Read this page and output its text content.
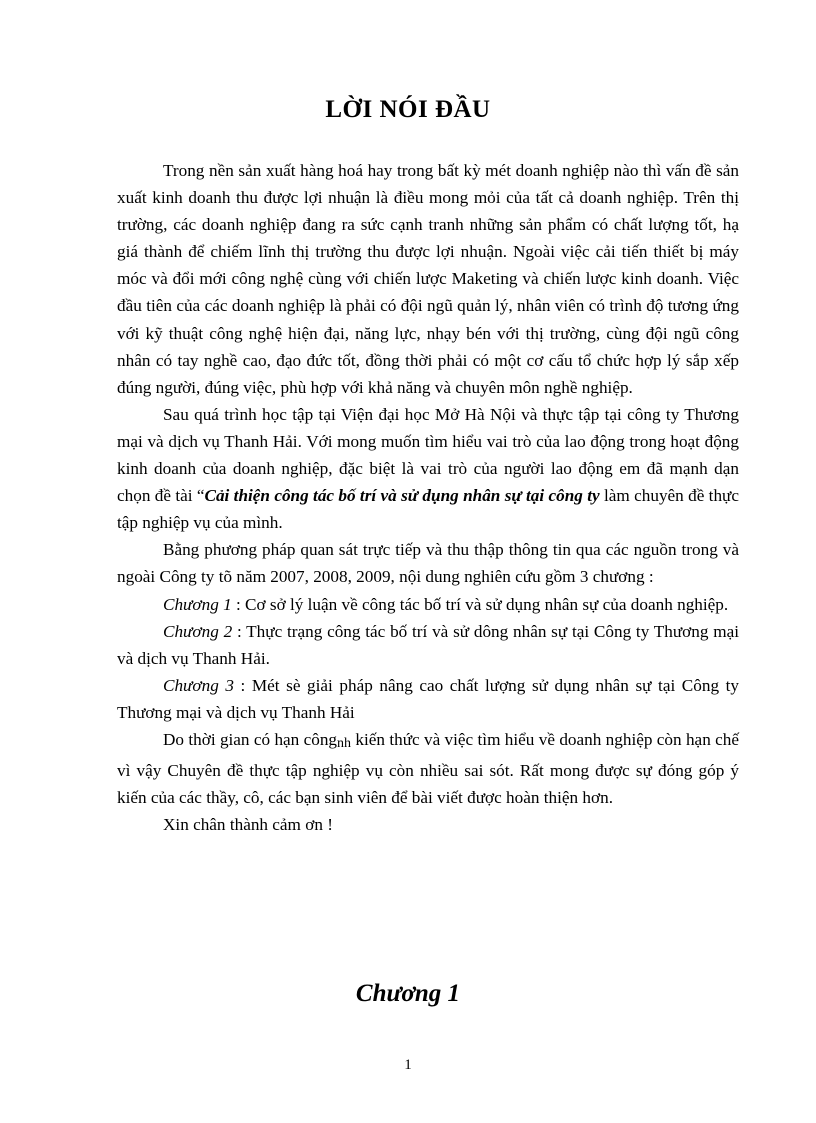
LỜI NÓI ĐẦU

Trong nền sản xuất hàng hoá hay trong bất kỳ mét doanh nghiệp nào thì vấn đề sản xuất kinh doanh thu được lợi nhuận là điều mong mỏi của tất cả doanh nghiệp. Trên thị trường, các doanh nghiệp đang ra sức cạnh tranh những sản phẩm có chất lượng tốt, hạ giá thành để chiếm lĩnh thị trường thu được lợi nhuận. Ngoài việc cải tiến thiết bị máy móc và đổi mới công nghệ cùng với chiến lược Maketing và chiến lược kinh doanh. Việc đầu tiên của các doanh nghiệp là phải có đội ngũ quản lý, nhân viên có trình độ tương ứng với kỹ thuật công nghệ hiện đại, năng lực, nhạy bén với thị trường, cùng đội ngũ công nhân có tay nghề cao, đạo đức tốt, đồng thời phải có một cơ cấu tổ chức hợp lý sắp xếp đúng người, đúng việc, phù hợp với khả năng và chuyên môn nghề nghiệp.

Sau quá trình học tập tại Viện đại học Mở Hà Nội và thực tập tại công ty Thương mại và dịch vụ Thanh Hải. Với mong muốn tìm hiểu vai trò của lao động trong hoạt động kinh doanh của doanh nghiệp, đặc biệt là vai trò của người lao động em đã mạnh dạn chọn đề tài “Cải thiện công tác bố trí và sử dụng nhân sự tại công ty làm chuyên đề thực tập nghiệp vụ của mình.

Bằng phương pháp quan sát trực tiếp và thu thập thông tin qua các nguồn trong và ngoài Công ty tõ năm 2007, 2008, 2009, nội dung nghiên cứu gồm 3 chương :

Chương 1 : Cơ sở lý luận về công tác bố trí và sử dụng nhân sự của doanh nghiệp.

Chương 2 : Thực trạng công tác bố trí và sử dông nhân sự tại Công ty Thương mại và dịch vụ Thanh Hải.

Chương 3 : Mét sè giải pháp nâng cao chất lượng sử dụng nhân sự tại Công ty Thương mại và dịch vụ Thanh Hải

Do thời gian có hạn côngnh kiến thức và việc tìm hiểu về doanh nghiệp còn hạn chế vì vậy Chuyên đề thực tập nghiệp vụ còn nhiều sai sót. Rất mong được sự đóng góp ý kiến của các thầy, cô, các bạn sinh viên để bài viết được hoàn thiện hơn.

Xin chân thành cảm ơn !

Chương 1
1
